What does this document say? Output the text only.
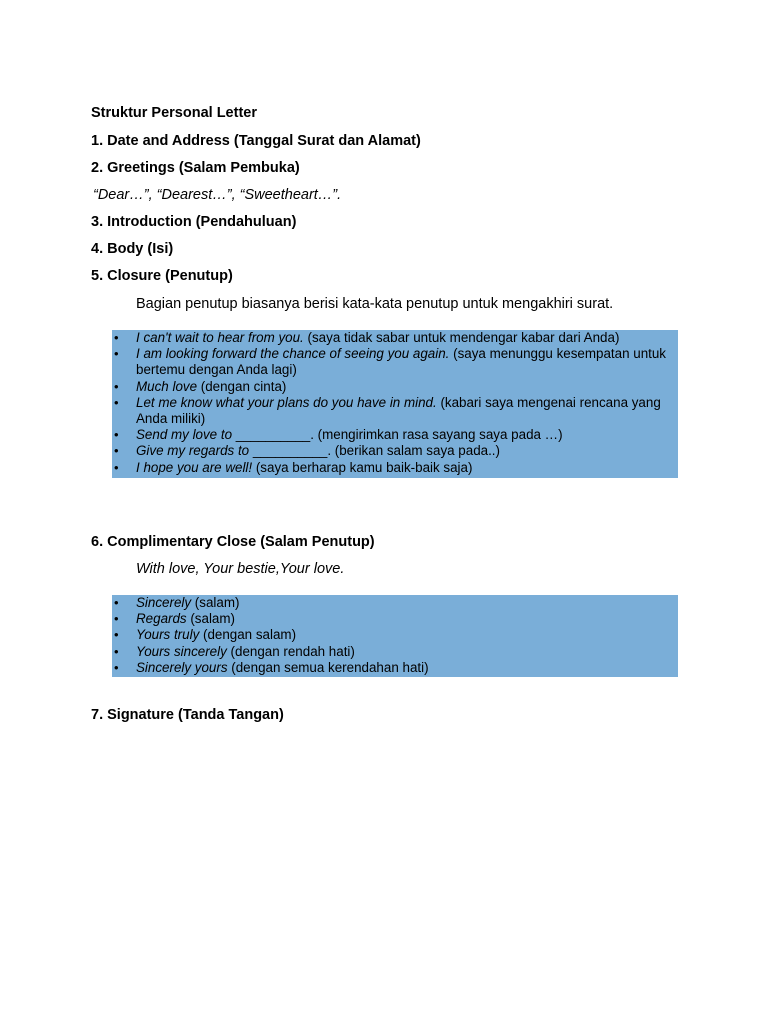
Struktur Personal Letter
1. Date and Address (Tanggal Surat dan Alamat)
2. Greetings (Salam Pembuka)
“Dear…”, “Dearest…”, “Sweetheart…”.
3. Introduction (Pendahuluan)
4. Body (Isi)
5. Closure (Penutup)
Bagian penutup biasanya berisi kata-kata penutup untuk mengakhiri surat.
• I can't wait to hear from you. (saya tidak sabar untuk mendengar kabar dari Anda)
• I am looking forward the chance of seeing you again. (saya menunggu kesempatan untuk bertemu dengan Anda lagi)
• Much love (dengan cinta)
• Let me know what your plans do you have in mind. (kabari saya mengenai rencana yang Anda miliki)
• Send my love to __________. (mengirimkan rasa sayang saya pada …)
• Give my regards to __________. (berikan salam saya pada..)
• I hope you are well! (saya berharap kamu baik-baik saja)
6. Complimentary Close (Salam Penutup)
With love, Your bestie,Your love.
• Sincerely (salam)
• Regards (salam)
• Yours truly (dengan salam)
• Yours sincerely (dengan rendah hati)
• Sincerely yours (dengan semua kerendahan hati)
7. Signature (Tanda Tangan)
